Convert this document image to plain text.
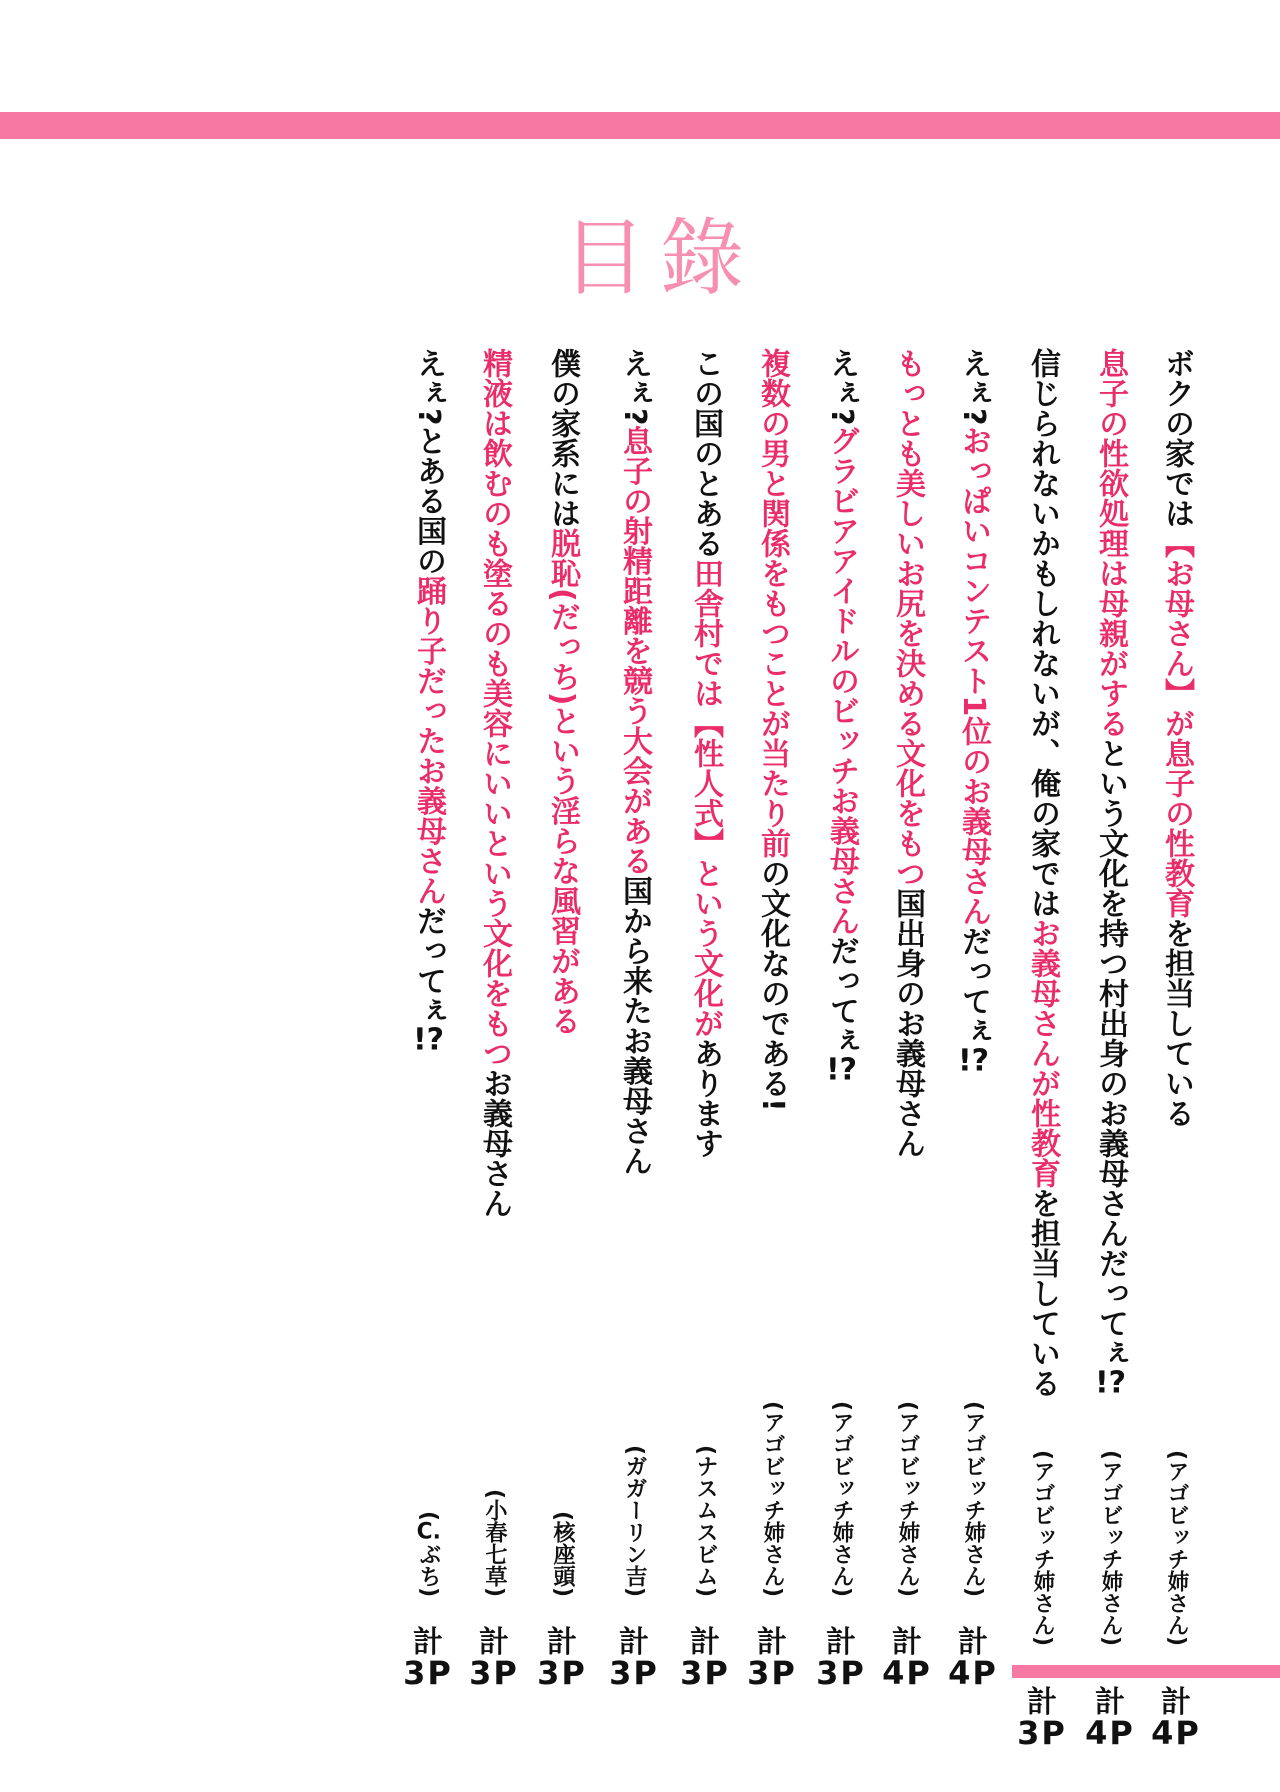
目錄
ボクの家では【お母さん】が息子の性教育を担当している
(アゴビッチ姉さん)
計
4P
息子の性欲処理は母親がするという文化を持つ村出身のお義母さんだってぇ!?
(アゴビッチ姉さん)
計
4P
信じられないかもしれないが、俺の家ではお義母さんが性教育を担当している
(アゴビッチ姉さん)
計
3P
えぇ?おっぱいコンテスト1位のお義母さんだってぇ!?
(アゴビッチ姉さん)
計
4P
もっとも美しいお尻を決める文化をもつ国出身のお義母さん
(アゴビッチ姉さん)
計
4P
えぇ?グラビアアイドルのビッチお義母さんだってぇ!?
(アゴビッチ姉さん)
計
3P
複数の男と関係をもつことが当たり前の文化なのである!
(アゴビッチ姉さん)
計
3P
この国のとある田舎村では【性人式】という文化があります
(ナスムスビム)
計
3P
えぇ?息子の射精距離を競う大会がある国から来たお義母さん
(ガガーリン吉)
計
3P
僕の家系には脱恥(だっち)という淫らな風習がある
(核座頭)
計
3P
精液は飲むのも塗るのも美容にいいという文化をもつお義母さん
(小春七草)
計
3P
えぇ?とある国の踊り子だったお義母さんだってぇ!?
(C.ぶち)
計
3P
